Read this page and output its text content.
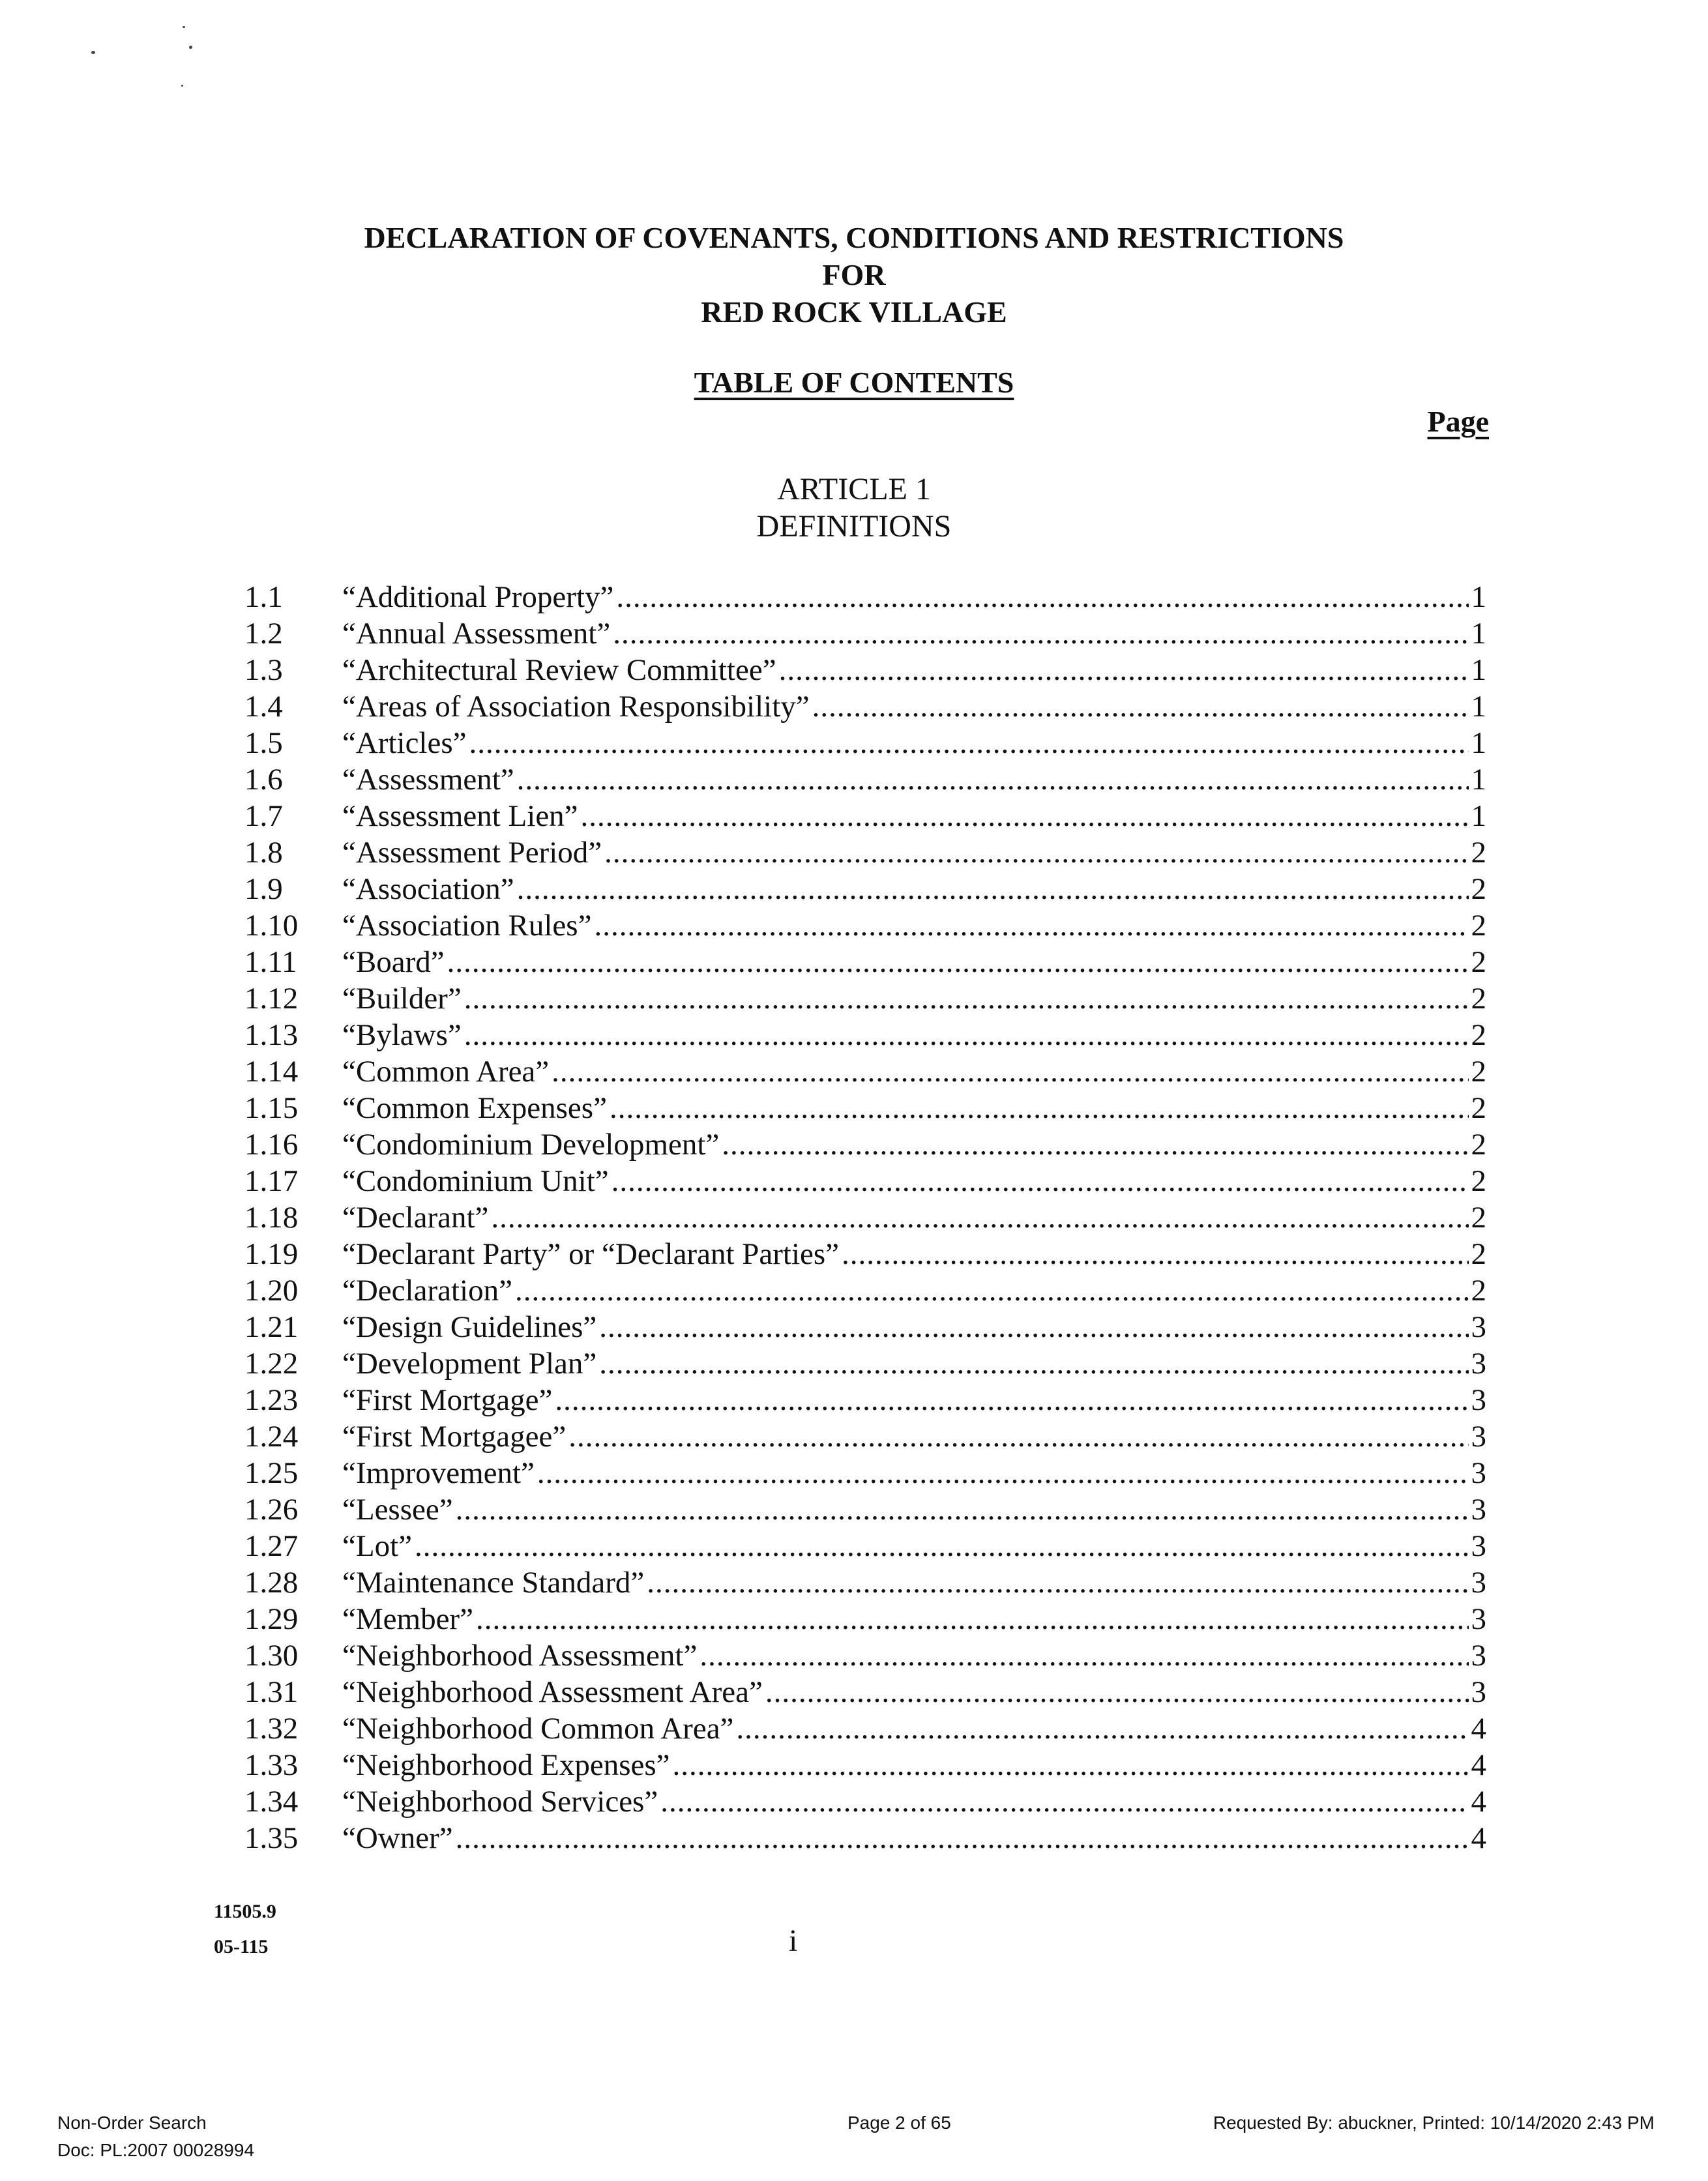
DECLARATION OF COVENANTS, CONDITIONS AND RESTRICTIONS
FOR
RED ROCK VILLAGE
TABLE OF CONTENTS
Page
ARTICLE 1
DEFINITIONS
1.1	“Additional Property” .....	1
1.2	“Annual Assessment” .....	1
1.3	“Architectural Review Committee” .....	1
1.4	“Areas of Association Responsibility” .....	1
1.5	“Articles” .....	1
1.6	“Assessment” .....	1
1.7	“Assessment Lien” .....	1
1.8	“Assessment Period” .....	2
1.9	“Association” .....	2
1.10	“Association Rules” .....	2
1.11	“Board” .....	2
1.12	“Builder” .....	2
1.13	“Bylaws” .....	2
1.14	“Common Area” .....	2
1.15	“Common Expenses” .....	2
1.16	“Condominium Development” .....	2
1.17	“Condominium Unit” .....	2
1.18	“Declarant” .....	2
1.19	“Declarant Party” or “Declarant Parties” .....	2
1.20	“Declaration” .....	2
1.21	“Design Guidelines” .....	3
1.22	“Development Plan” .....	3
1.23	“First Mortgage” .....	3
1.24	“First Mortgagee” .....	3
1.25	“Improvement” .....	3
1.26	“Lessee” .....	3
1.27	“Lot” .....	3
1.28	“Maintenance Standard” .....	3
1.29	“Member” .....	3
1.30	“Neighborhood Assessment” .....	3
1.31	“Neighborhood Assessment Area” .....	3
1.32	“Neighborhood Common Area” .....	4
1.33	“Neighborhood Expenses” .....	4
1.34	“Neighborhood Services” .....	4
1.35	“Owner” .....	4
11505.9
05-115	i
Non-Order Search
Doc: PL:2007 00028994
Page 2 of 65	Requested By: abuckner, Printed: 10/14/2020 2:43 PM
